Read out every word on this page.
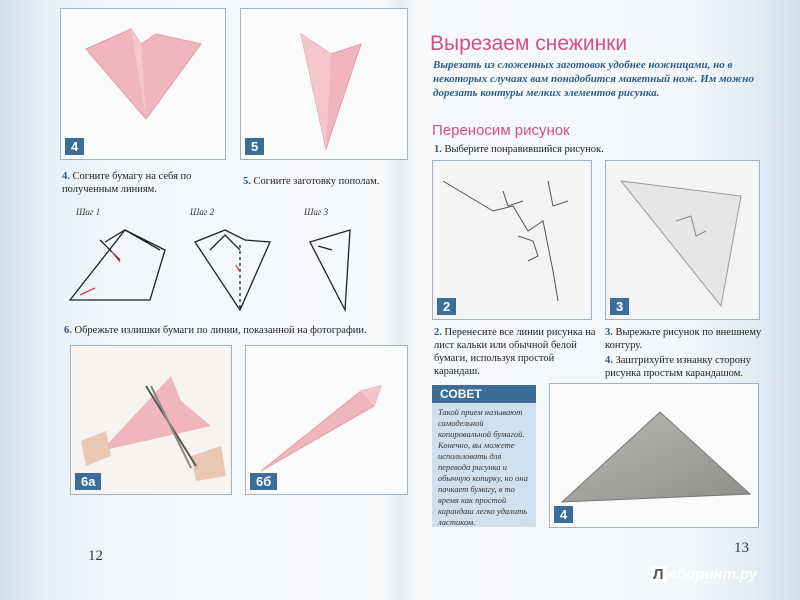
4	5
4. Согните бумагу на себя по полученным линиям.
5. Согните заготовку пополам.
Шаг 1	Шаг 2	Шаг 3
6. Обрежьте излишки бумаги по линии, показанной на фотографии.
6а	6б
12
Вырезаем снежинки
Вырезать из сложенных заготовок удобнее ножницами, но в некоторых случаях вам понадобится макетный нож. Им можно дорезать контуры мелких элементов рисунка.
Переносим рисунок
1. Выберите понравившийся рисунок.
2	3
2. Перенесите все линии рисунка на лист кальки или обычной белой бумаги, используя простой карандаш.
3. Вырежьте рисунок по внешнему контуру.
4. Заштрихуйте изнанку сторону рисунка простым карандашом.
СОВЕТ
Такой прием называют самодельной копировальной бумагой. Конечно, вы можете использовать для перевода рисунка и обычную копирку, но она пачкает бумагу, в то время как простой карандаш легко удалить ластиком.	4
13
Л абиринт.ру
